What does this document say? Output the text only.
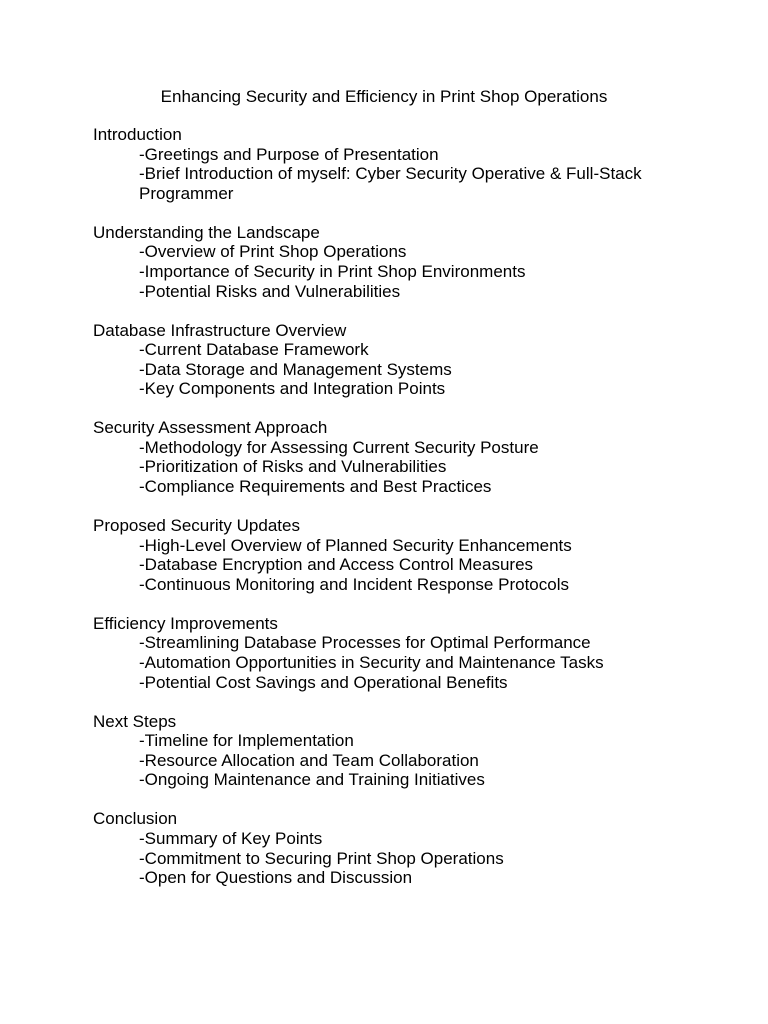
Enhancing Security and Efficiency in Print Shop Operations
Introduction
-Greetings and Purpose of Presentation
-Brief Introduction of myself: Cyber Security Operative & Full-Stack Programmer
Understanding the Landscape
-Overview of Print Shop Operations
-Importance of Security in Print Shop Environments
-Potential Risks and Vulnerabilities
Database Infrastructure Overview
-Current Database Framework
-Data Storage and Management Systems
-Key Components and Integration Points
Security Assessment Approach
-Methodology for Assessing Current Security Posture
-Prioritization of Risks and Vulnerabilities
-Compliance Requirements and Best Practices
Proposed Security Updates
-High-Level Overview of Planned Security Enhancements
-Database Encryption and Access Control Measures
-Continuous Monitoring and Incident Response Protocols
Efficiency Improvements
-Streamlining Database Processes for Optimal Performance
-Automation Opportunities in Security and Maintenance Tasks
-Potential Cost Savings and Operational Benefits
Next Steps
-Timeline for Implementation
-Resource Allocation and Team Collaboration
-Ongoing Maintenance and Training Initiatives
Conclusion
-Summary of Key Points
-Commitment to Securing Print Shop Operations
-Open for Questions and Discussion
